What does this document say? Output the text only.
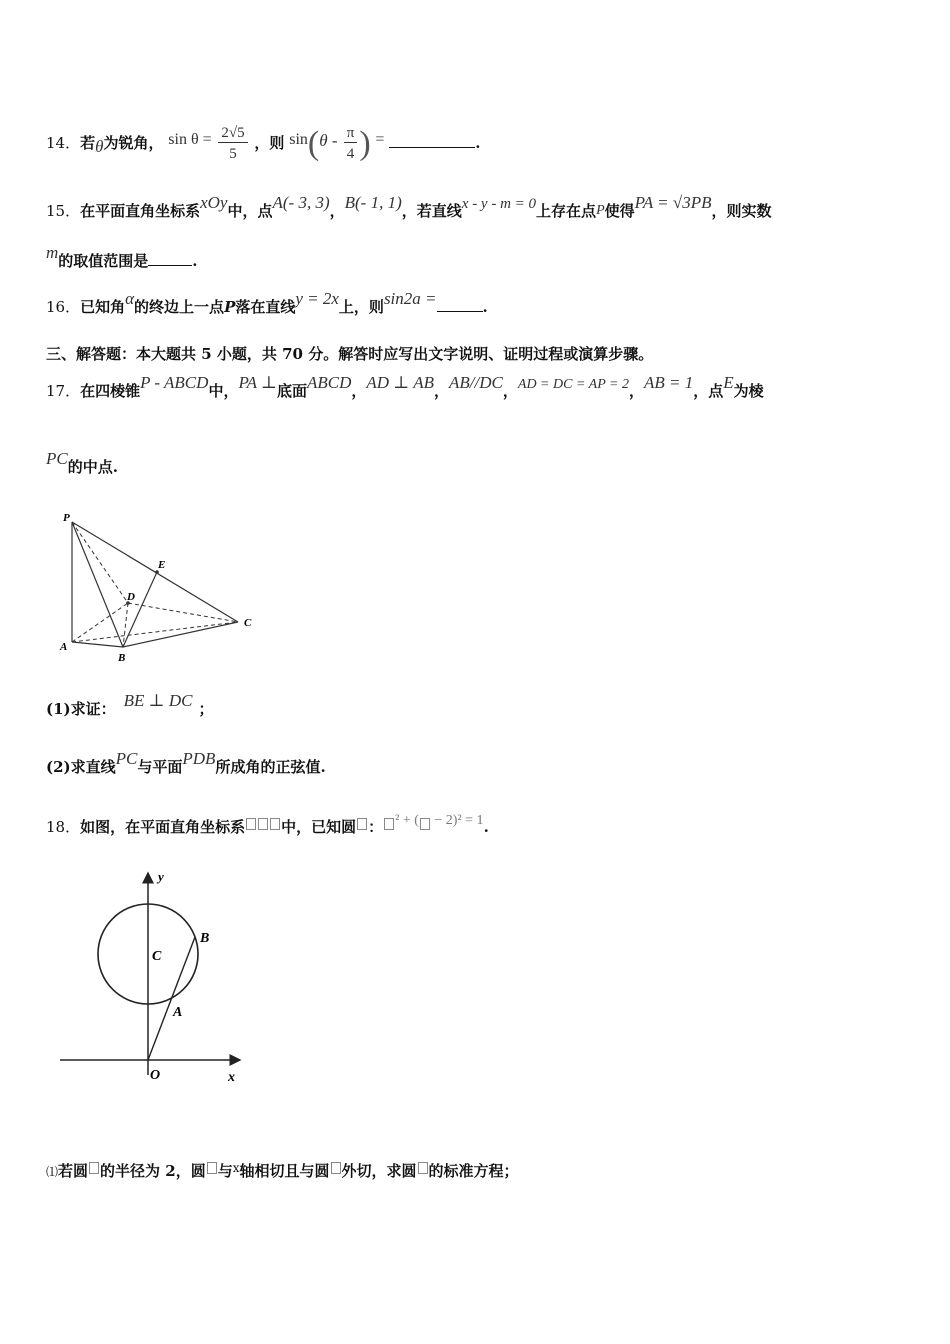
14．若θ为锐角， $\sin \theta = \frac{2√5}{5}$ ，则 $\sin(\theta - \frac{\pi}{4}$ ) =	.
15．在平面直角坐标系xOy中，点A(- 3, 3)，B(- 1, 1)，若直线x - y - m = 0上存在点P使得PA = √3PB，则实数
m的取值范围是	.
16．已知角α的终边上一点P落在直线y = 2x上，则sin2a =	.
三、解答题：本大题共 5 小题，共 70 分。解答时应写出文字说明、证明过程或演算步骤。
17．在四棱锥P - ABCD中，PA ⊥底面ABCD，AD ⊥ AB，AB//DC，AD = DC = AP = 2，AB = 1，点E为棱
PC的中点.
P
E
D
C
A
B
(1)求证： BE ⊥ DC ；
(2)求直线PC与平面PDB所成角的正弦值.
18．如图，在平面直角坐标系 中，已知圆 ： ² + ( − 2)² = 1.
y
C
B
A
O	x
⑴若圆 的半径为 2，圆 与$^x$轴相切且与圆 外切，求圆 的标准方程；
